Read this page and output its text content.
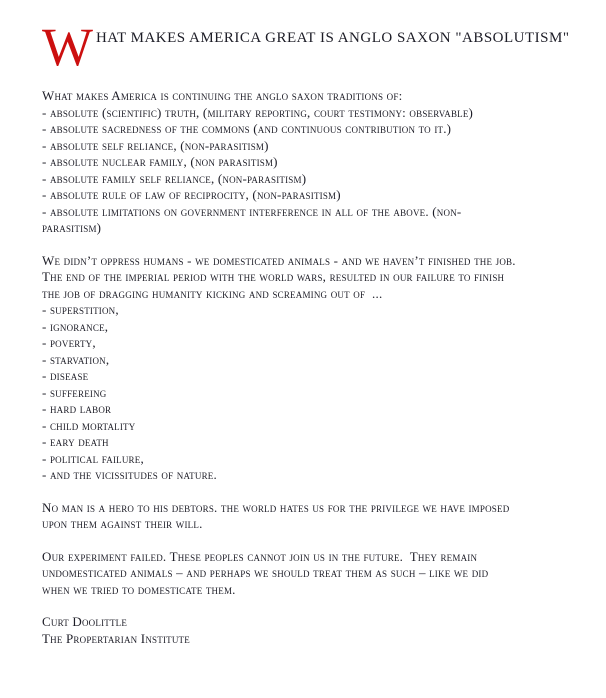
W HAT MAKES AMERICA GREAT IS ANGLO SAXON "ABSOLUTISM"
What makes America is continuing the anglo saxon traditions of:
- absolute (scientific) truth, (military reporting, court testimony: observable)
- absolute sacredness of the commons (and continuous contribution to it.)
- absolute self reliance, (non-parasitism)
- absolute nuclear family, (non parasitism)
- absolute family self reliance, (non-parasitism)
- absolute rule of law of reciprocity, (non-parasitism)
- absolute limitations on government interference in all of the above. (non-
parasitism)
We didn’t oppress humans - we domesticated animals - and we haven’t finished the job.
The end of the imperial period with the world wars, resulted in our failure to finish
the job of dragging humanity kicking and screaming out of  ...
- superstition,
- ignorance,
- poverty,
- starvation,
- disease
- suffereing
- hard labor
- child mortality
- eary death
- political failure,
- and the vicissitudes of nature.
No man is a hero to his debtors. the world hates us for the privilege we have imposed
upon them against their will.
Our experiment failed. These peoples cannot join us in the future.  They remain
undomesticated animals – and perhaps we should treat them as such – like we did
when we tried to domesticate them.
Curt Doolittle
The Propertarian Institute
